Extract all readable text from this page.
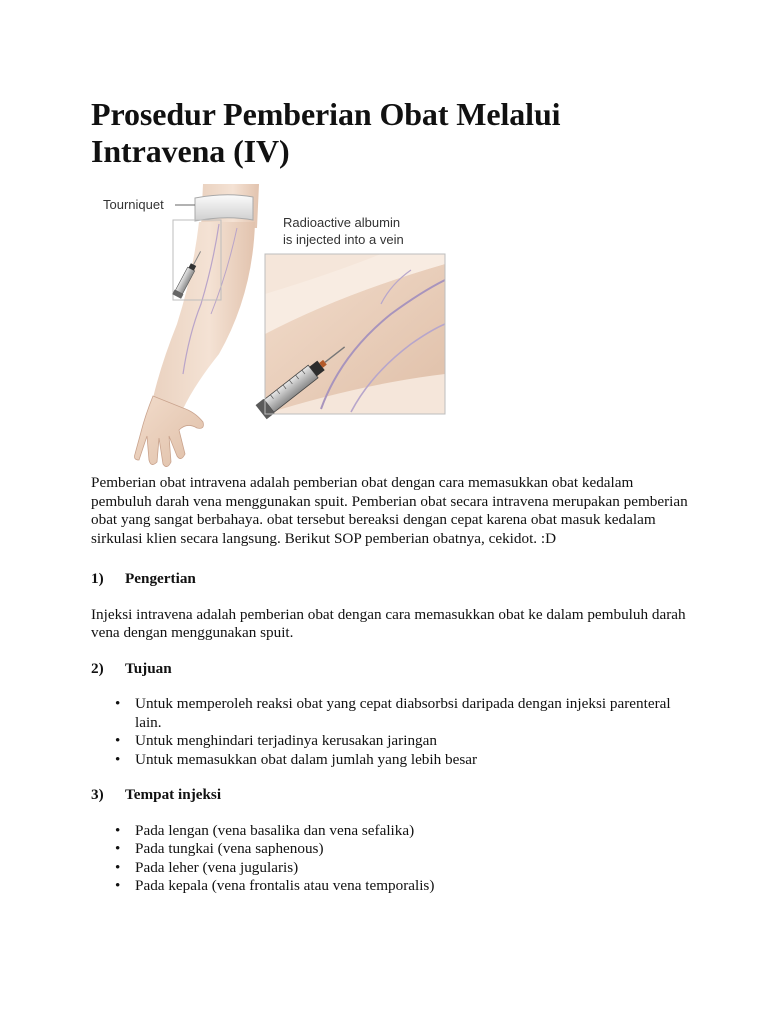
Prosedur Pemberian Obat Melalui Intravena (IV)
Tourniquet
Radioactive albumin
is injected into a vein

Pemberian obat intravena adalah pemberian obat dengan cara memasukkan obat kedalam pembuluh darah vena menggunakan spuit. Pemberian obat secara intravena merupakan pemberian obat yang sangat berbahaya. obat tersebut bereaksi dengan cepat karena obat masuk kedalam sirkulasi klien secara langsung. Berikut SOP pemberian obatnya, cekidot. :D

1) Pengertian

Injeksi intravena adalah pemberian obat dengan cara memasukkan obat ke dalam pembuluh darah vena dengan menggunakan spuit.

2) Tujuan

• Untuk memperoleh reaksi obat yang cepat diabsorbsi daripada dengan injeksi parenteral lain.
• Untuk menghindari terjadinya kerusakan jaringan
• Untuk memasukkan obat dalam jumlah yang lebih besar

3) Tempat injeksi

• Pada lengan (vena basalika dan vena sefalika)
• Pada tungkai (vena saphenous)
• Pada leher (vena jugularis)
• Pada kepala (vena frontalis atau vena temporalis)
